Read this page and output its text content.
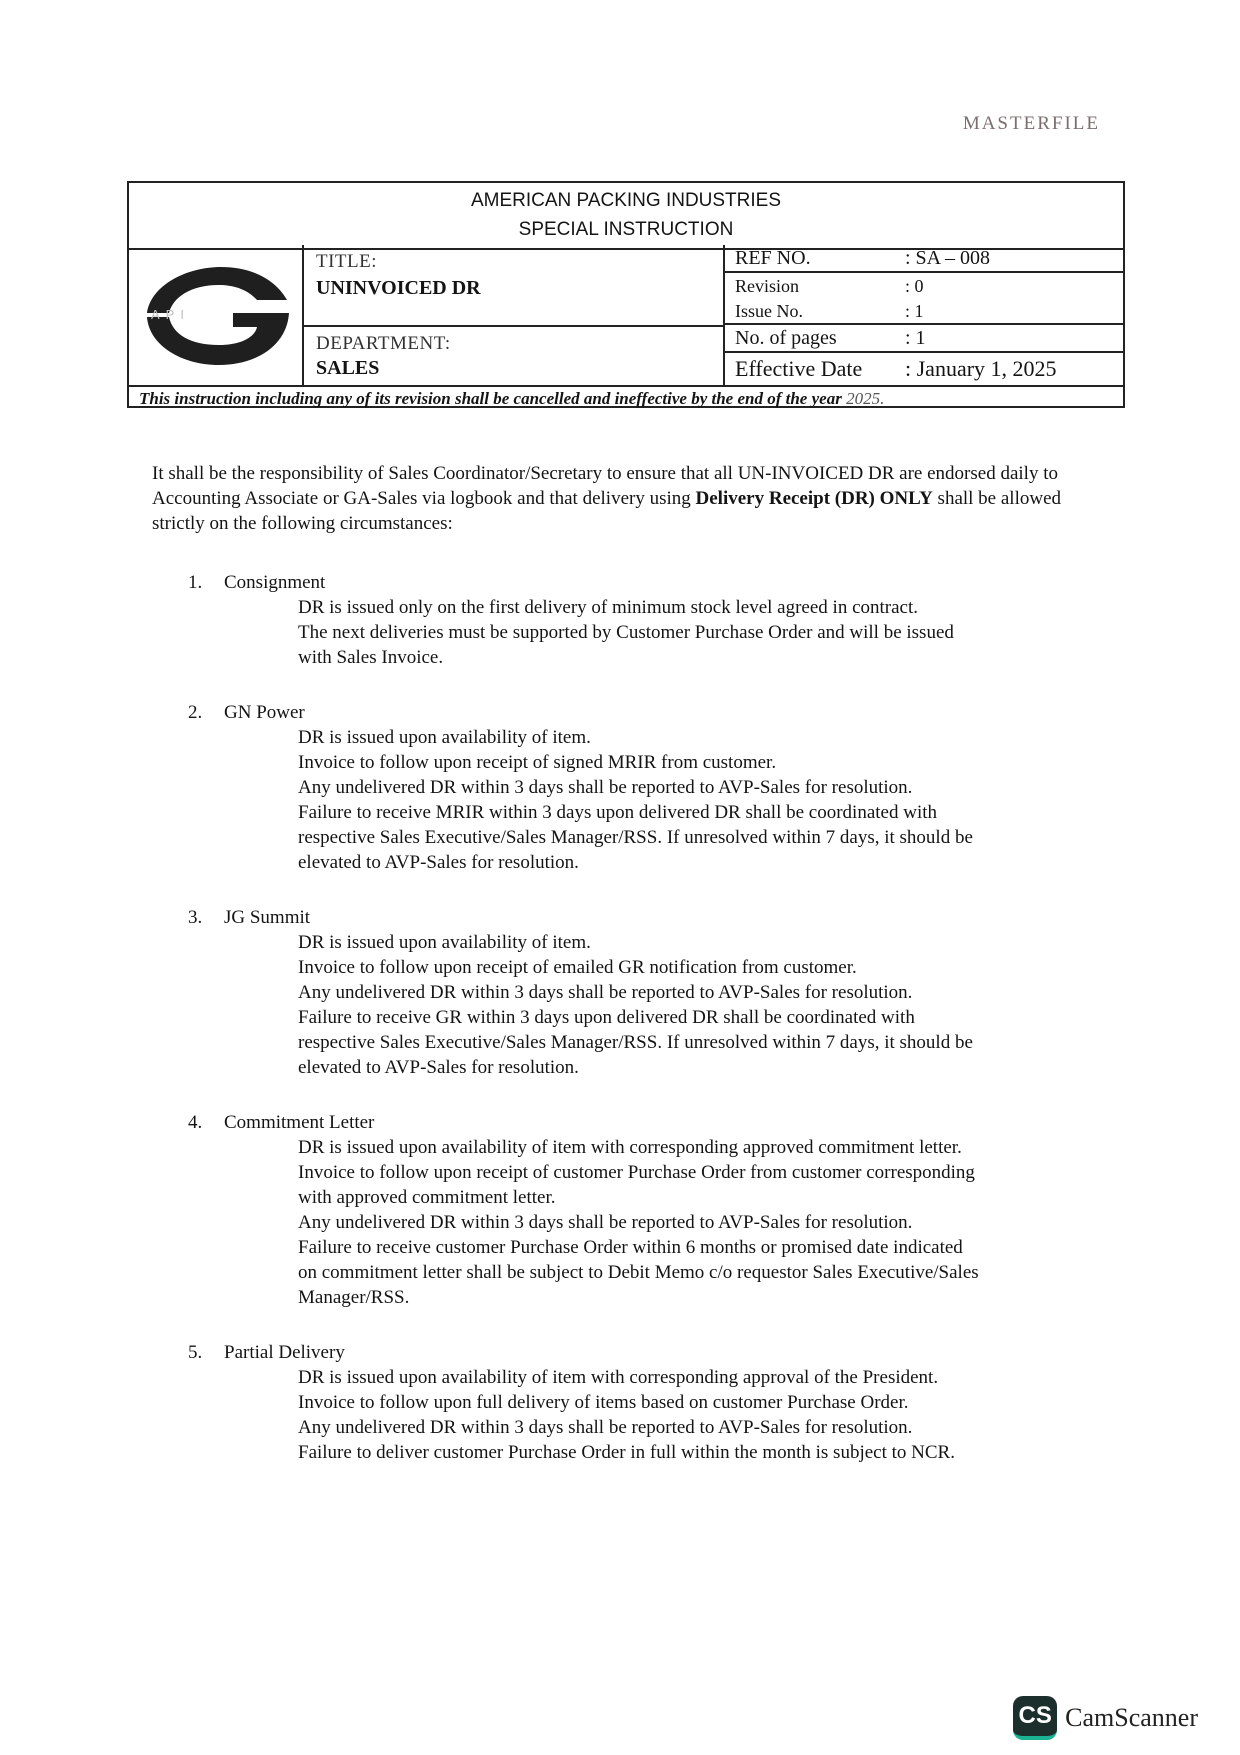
MASTERFILE
AMERICAN PACKING INDUSTRIES
SPECIAL INSTRUCTION
API
TITLE:
UNINVOICED DR
DEPARTMENT:
SALES
REF NO.	: SA – 008
Revision	: 0
Issue No.	: 1
No. of pages	: 1
Effective Date : January 1, 2025
This instruction including any of its revision shall be cancelled and ineffective by the end of the year 2025.

It shall be the responsibility of Sales Coordinator/Secretary to ensure that all UN-INVOICED DR are endorsed daily to Accounting Associate or GA-Sales via logbook and that delivery using Delivery Receipt (DR) ONLY shall be allowed strictly on the following circumstances:

1.	Consignment
DR is issued only on the first delivery of minimum stock level agreed in contract.
The next deliveries must be supported by Customer Purchase Order and will be issued
with Sales Invoice.
2.	GN Power
DR is issued upon availability of item.
Invoice to follow upon receipt of signed MRIR from customer.
Any undelivered DR within 3 days shall be reported to AVP-Sales for resolution.
Failure to receive MRIR within 3 days upon delivered DR shall be coordinated with
respective Sales Executive/Sales Manager/RSS. If unresolved within 7 days, it should be
elevated to AVP-Sales for resolution.
3.	JG Summit
DR is issued upon availability of item.
Invoice to follow upon receipt of emailed GR notification from customer.
Any undelivered DR within 3 days shall be reported to AVP-Sales for resolution.
Failure to receive GR within 3 days upon delivered DR shall be coordinated with
respective Sales Executive/Sales Manager/RSS. If unresolved within 7 days, it should be
elevated to AVP-Sales for resolution.
4.	Commitment Letter
DR is issued upon availability of item with corresponding approved commitment letter.
Invoice to follow upon receipt of customer Purchase Order from customer corresponding
with approved commitment letter.
Any undelivered DR within 3 days shall be reported to AVP-Sales for resolution.
Failure to receive customer Purchase Order within 6 months or promised date indicated
on commitment letter shall be subject to Debit Memo c/o requestor Sales Executive/Sales
Manager/RSS.
5.	Partial Delivery
DR is issued upon availability of item with corresponding approval of the President.
Invoice to follow upon full delivery of items based on customer Purchase Order.
Any undelivered DR within 3 days shall be reported to AVP-Sales for resolution.
Failure to deliver customer Purchase Order in full within the month is subject to NCR.
CS CamScanner
